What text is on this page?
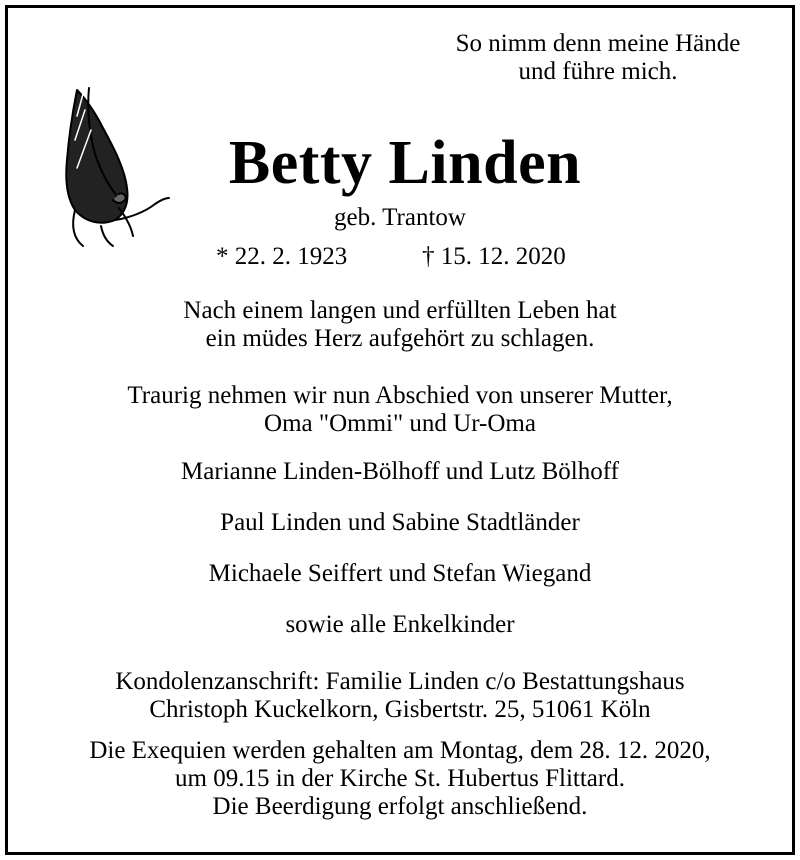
So nimm denn meine Hände
und führe mich.
Betty Linden
geb. Trantow
* 22. 2. 1923	† 15. 12. 2020
Nach einem langen und erfüllten Leben hat
ein müdes Herz aufgehört zu schlagen.
Traurig nehmen wir nun Abschied von unserer Mutter,
Oma "Ommi" und Ur-Oma
Marianne Linden-Bölhoff und Lutz Bölhoff
Paul Linden und Sabine Stadtländer
Michaele Seiffert und Stefan Wiegand
sowie alle Enkelkinder
Kondolenzanschrift: Familie Linden c/o Bestattungshaus
Christoph Kuckelkorn, Gisbertstr. 25, 51061 Köln
Die Exequien werden gehalten am Montag, dem 28. 12. 2020,
um 09.15 in der Kirche St. Hubertus Flittard.
Die Beerdigung erfolgt anschließend.
